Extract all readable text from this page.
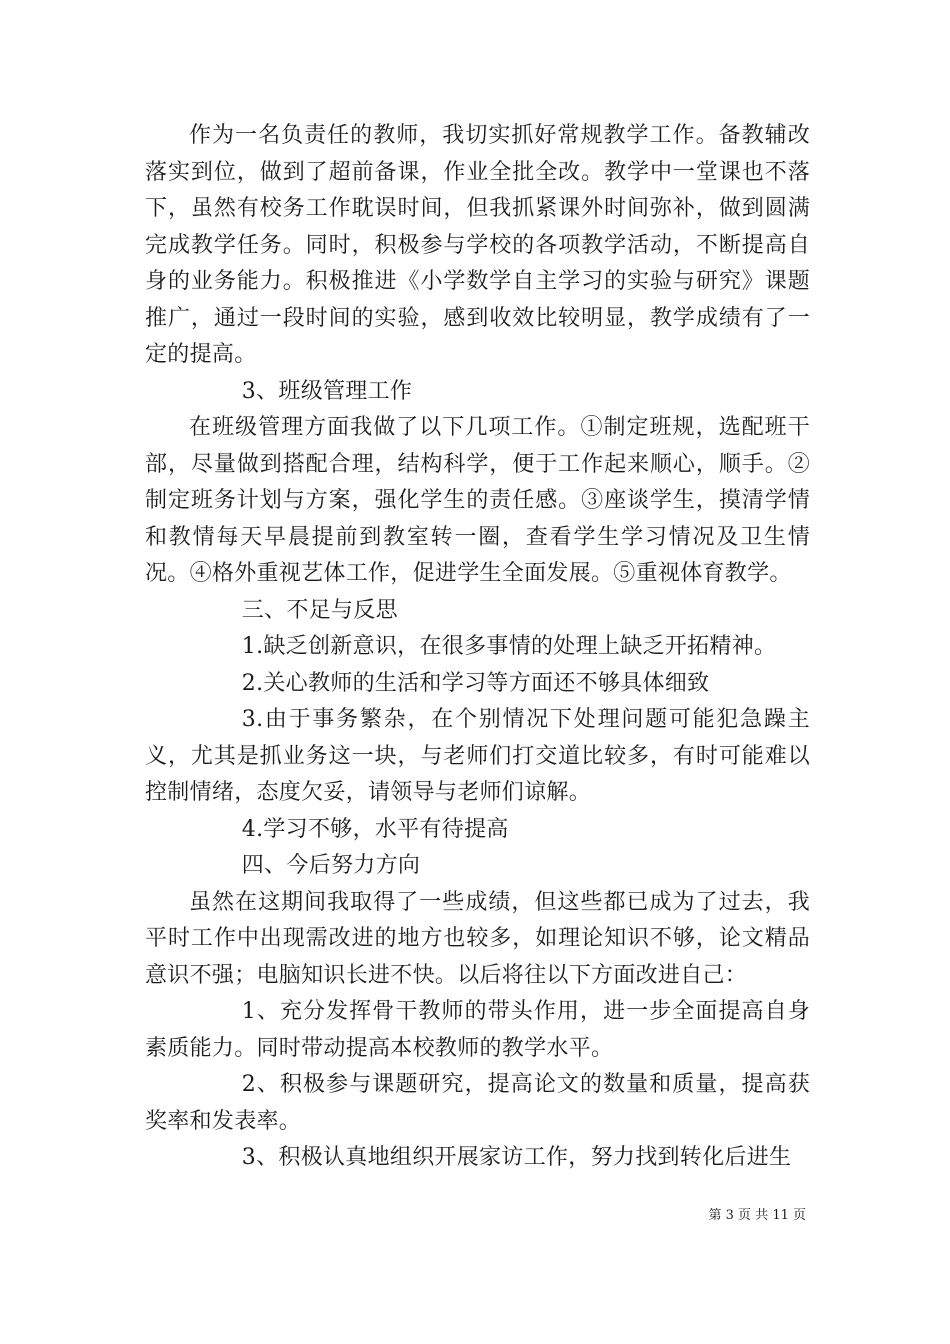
作为一名负责任的教师，我切实抓好常规教学工作。备教辅改落实到位，做到了超前备课，作业全批全改。教学中一堂课也不落下，虽然有校务工作耽误时间，但我抓紧课外时间弥补，做到圆满完成教学任务。同时，积极参与学校的各项教学活动，不断提高自身的业务能力。积极推进《小学数学自主学习的实验与研究》课题推广，通过一段时间的实验，感到收效比较明显，教学成绩有了一定的提高。

3、班级管理工作

在班级管理方面我做了以下几项工作。①制定班规，选配班干部，尽量做到搭配合理，结构科学，便于工作起来顺心，顺手。②制定班务计划与方案，强化学生的责任感。③座谈学生，摸清学情和教情每天早晨提前到教室转一圈，查看学生学习情况及卫生情况。④格外重视艺体工作，促进学生全面发展。⑤重视体育教学。

三、不足与反思

1.缺乏创新意识，在很多事情的处理上缺乏开拓精神。

2.关心教师的生活和学习等方面还不够具体细致

3.由于事务繁杂，在个别情况下处理问题可能犯急躁主义，尤其是抓业务这一块，与老师们打交道比较多，有时可能难以控制情绪，态度欠妥，请领导与老师们谅解。

4.学习不够，水平有待提高

四、今后努力方向

虽然在这期间我取得了一些成绩，但这些都已成为了过去，我平时工作中出现需改进的地方也较多，如理论知识不够，论文精品意识不强；电脑知识长进不快。以后将往以下方面改进自己：

1、充分发挥骨干教师的带头作用，进一步全面提高自身素质能力。同时带动提高本校教师的教学水平。

2、积极参与课题研究，提高论文的数量和质量，提高获奖率和发表率。

3、积极认真地组织开展家访工作，努力找到转化后进生

第 3 页 共 11 页
